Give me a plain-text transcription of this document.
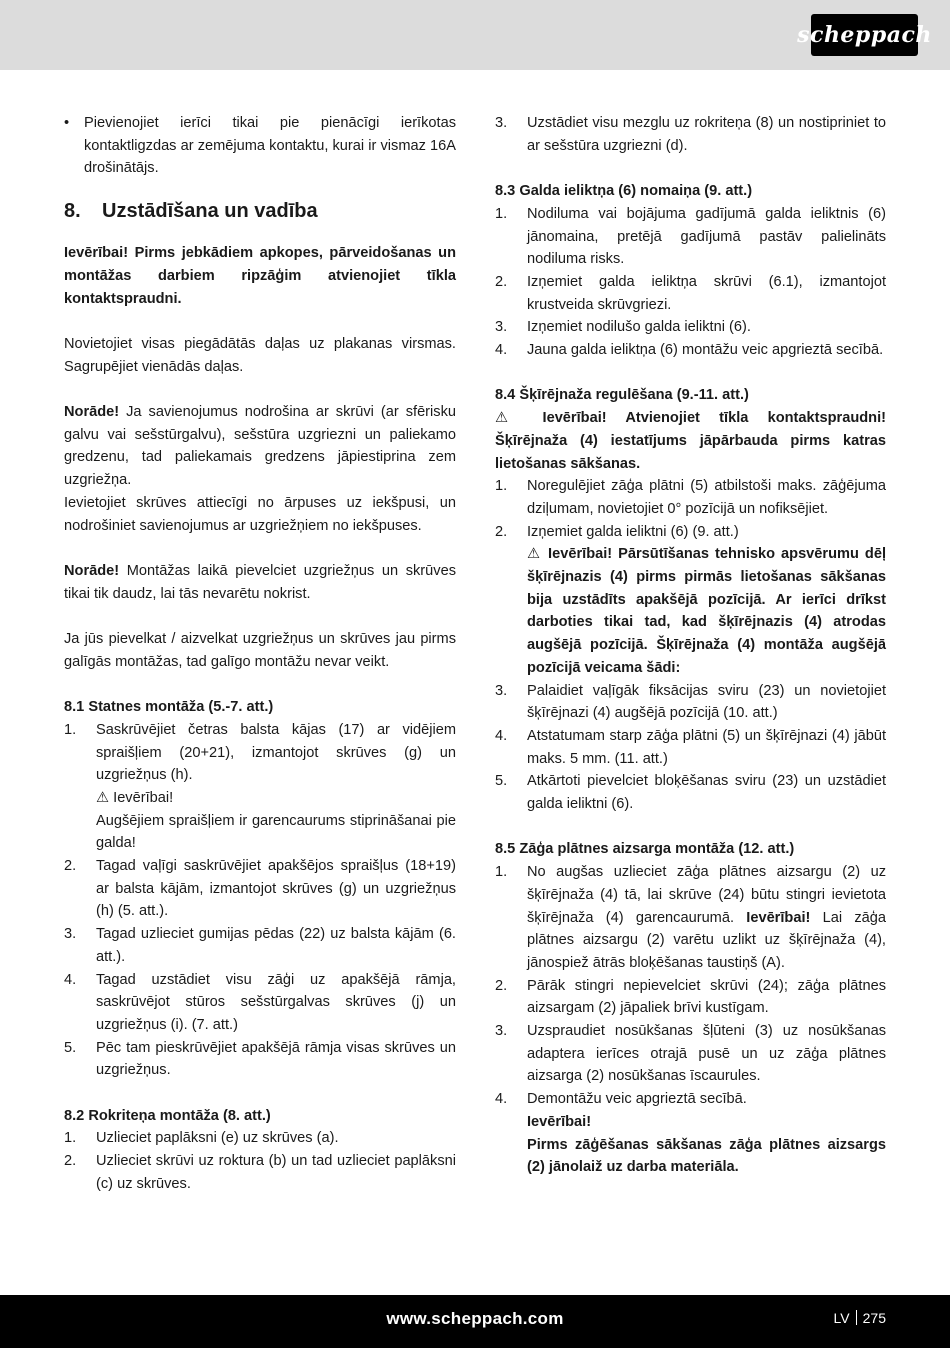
scheppach

• Pievienojiet ierīci tikai pie pienācīgi ierīkotas kontaktligzdas ar zemējuma kontaktu, kurai ir vismaz 16A drošinātājs.

8. Uzstādīšana un vadība

Ievērībai! Pirms jebkādiem apkopes, pārveidošanas un montāžas darbiem ripzāģim atvienojiet tīkla kontaktspraudni.

Novietojiet visas piegādātās daļas uz plakanas virsmas. Sagrupējiet vienādās daļas.

Norāde! Ja savienojumus nodrošina ar skrūvi (ar sfērisku galvu vai sešstūrgalvu), sešstūra uzgriezni un paliekamo gredzenu, tad paliekamais gredzens jāpiestiprina zem uzgriežņa.

Ievietojiet skrūves attiecīgi no ārpuses uz iekšpusi, un nodrošiniet savienojumus ar uzgriežņiem no iekšpuses.

Norāde! Montāžas laikā pievelciet uzgriežņus un skrūves tikai tik daudz, lai tās nevarētu nokrist.

Ja jūs pievelkat / aizvelkat uzgriežņus un skrūves jau pirms galīgās montāžas, tad galīgo montāžu nevar veikt.

8.1 Statnes montāža (5.-7. att.)

1. Saskrūvējiet četras balsta kājas (17) ar vidējiem spraišļiem (20+21), izmantojot skrūves (g) un uzgriežņus (h).

⚠ Ievērībai!

Augšējiem spraišļiem ir garencaurums stiprināšanai pie galda!

2. Tagad vaļīgi saskrūvējiet apakšējos spraišļus (18+19) ar balsta kājām, izmantojot skrūves (g) un uzgriežņus (h) (5. att.).

3. Tagad uzlieciet gumijas pēdas (22) uz balsta kājām (6. att.).

4. Tagad uzstādiet visu zāģi uz apakšējā rāmja, saskrūvējot stūros sešstūrgalvas skrūves (j) un uzgriežņus (i). (7. att.)

5. Pēc tam pieskrūvējiet apakšējā rāmja visas skrūves un uzgriežņus.

8.2 Rokriteņa montāža (8. att.)

1. Uzlieciet paplāksni (e) uz skrūves (a).

2. Uzlieciet skrūvi uz roktura (b) un tad uzlieciet paplāksni (c) uz skrūves.

3. Uzstādiet visu mezglu uz rokriteņa (8) un nostipriniet to ar sešstūra uzgriezni (d).

8.3 Galda ieliktņa (6) nomaiņa (9. att.)

1. Nodiluma vai bojājuma gadījumā galda ieliktnis (6) jānomaina, pretējā gadījumā pastāv palielināts nodiluma risks.

2. Izņemiet galda ieliktņa skrūvi (6.1), izmantojot krustveida skrūvgriezi.

3. Izņemiet nodilušo galda ieliktni (6).

4. Jauna galda ieliktņa (6) montāžu veic apgrieztā secībā.

8.4 Šķīrējnaža regulēšana (9.-11. att.)

⚠ Ievērībai! Atvienojiet tīkla kontaktspraudni! Šķīrējnaža (4) iestatījums jāpārbauda pirms katras lietošanas sākšanas.

1. Noregulējiet zāģa plātni (5) atbilstoši maks. zāģējuma dziļumam, novietojiet 0° pozīcijā un nofiksējiet.

2. Izņemiet galda ieliktni (6) (9. att.)

⚠ Ievērībai! Pārsūtīšanas tehnisko apsvērumu dēļ šķīrējnazis (4) pirms pirmās lietošanas sākšanas bija uzstādīts apakšējā pozīcijā. Ar ierīci drīkst darboties tikai tad, kad šķīrējnazis (4) atrodas augšējā pozīcijā. Šķīrējnaža (4) montāža augšējā pozīcijā veicama šādi:

3. Palaidiet vaļīgāk fiksācijas sviru (23) un novietojiet šķīrējnazi (4) augšējā pozīcijā (10. att.)

4. Atstatumam starp zāģa plātni (5) un šķīrējnazi (4) jābūt maks. 5 mm. (11. att.)

5. Atkārtoti pievelciet bloķēšanas sviru (23) un uzstādiet galda ieliktni (6).

8.5 Zāģa plātnes aizsarga montāža (12. att.)

1. No augšas uzlieciet zāģa plātnes aizsargu (2) uz šķīrējnaža (4) tā, lai skrūve (24) būtu stingri ievietota šķīrējnaža (4) garencaurumā. Ievērībai! Lai zāģa plātnes aizsargu (2) varētu uzlikt uz šķīrējnaža (4), jānospiež ātrās bloķēšanas taustiņš (A).

2. Pārāk stingri nepievelciet skrūvi (24); zāģa plātnes aizsargam (2) jāpaliek brīvi kustīgam.

3. Uzspraudiet nosūkšanas šļūteni (3) uz nosūkšanas adaptera ierīces otrajā pusē un uz zāģa plātnes aizsarga (2) nosūkšanas īscaurules.

4. Demontāžu veic apgrieztā secībā.

Ievērībai!

Pirms zāģēšanas sākšanas zāģa plātnes aizsargs (2) jānolaiž uz darba materiāla.

www.scheppach.com	LV 275
